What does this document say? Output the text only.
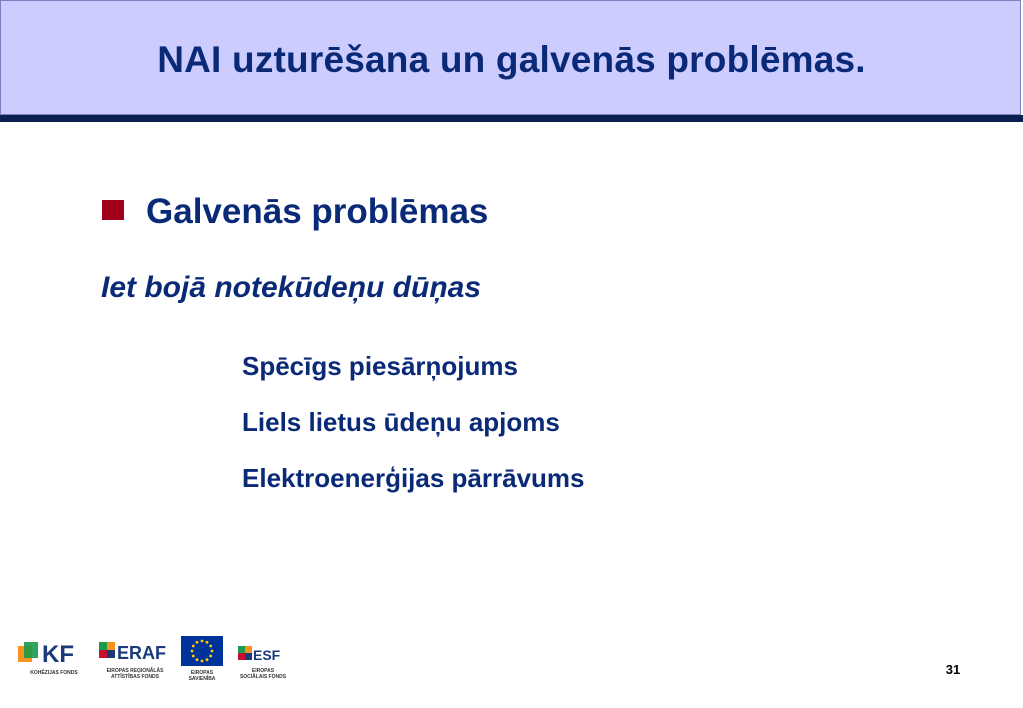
NAI uzturēšana un galvenās problēmas.
Galvenās problēmas
Iet bojā notekūdeņu dūņas
Spēcīgs piesārņojums
Liels lietus ūdeņu apjoms
Elektroenerģijas pārrāvums
KF
KOHĒZIJAS FONDS
ERAF
EIROPAS REĢIONĀLĀS ATTĪSTĪBAS FONDS
EIROPAS SAVIENĪBA
ESF
EIROPAS SOCIĀLAIS FONDS	31
